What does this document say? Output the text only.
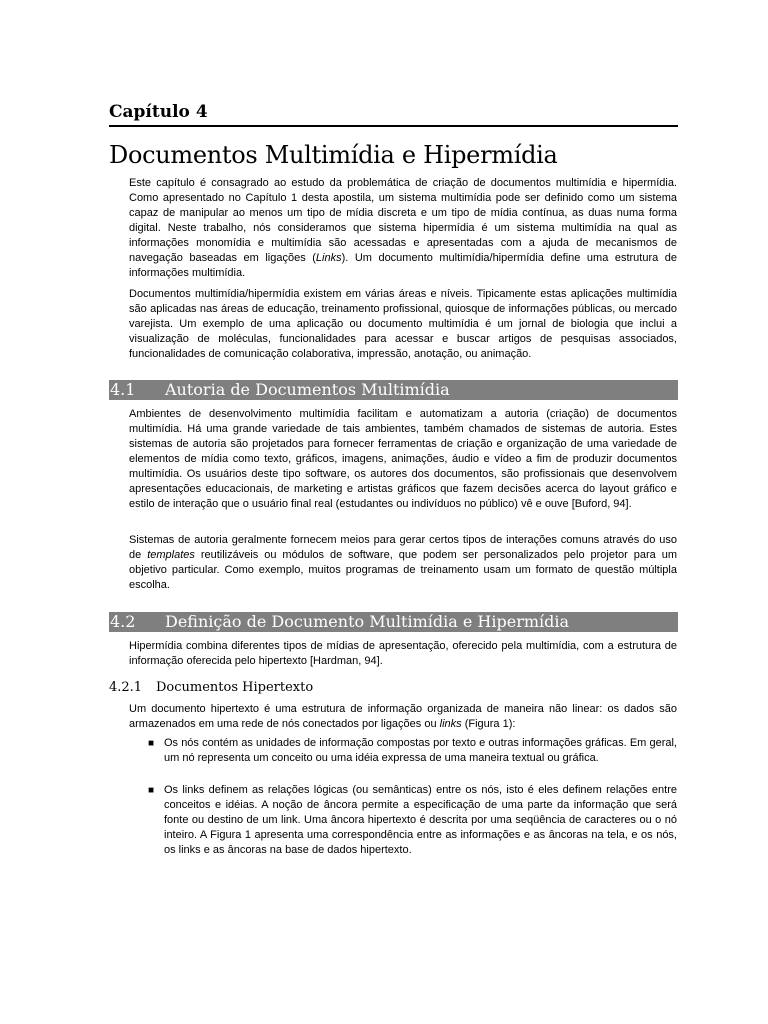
Capítulo 4
Documentos Multimídia e Hipermídia

Este capítulo é consagrado ao estudo da problemática de criação de documentos multimídia e hipermídia. Como apresentado no Capítulo 1 desta apostila, um sistema multimídia pode ser definido como um sistema capaz de manipular ao menos um tipo de mídia discreta e um tipo de mídia contínua, as duas numa forma digital. Neste trabalho, nós consideramos que sistema hipermídia é um sistema multimídia na qual as informações monomídia e multimídia são acessadas e apresentadas com a ajuda de mecanismos de navegação baseadas em ligações (Links). Um documento multimídia/hipermídia define uma estrutura de informações multimídia.

Documentos multimídia/hipermídia existem em várias áreas e níveis. Tipicamente estas aplicações multimídia são aplicadas nas áreas de educação, treinamento profissional, quiosque de informações públicas, ou mercado varejista. Um exemplo de uma aplicação ou documento multimídia é um jornal de biologia que inclui a visualização de moléculas, funcionalidades para acessar e buscar artigos de pesquisas associados, funcionalidades de comunicação colaborativa, impressão, anotação, ou animação.

4.1 Autoria de Documentos Multimídia

Ambientes de desenvolvimento multimídia facilitam e automatizam a autoria (criação) de documentos multimídia. Há uma grande variedade de tais ambientes, também chamados de sistemas de autoria. Estes sistemas de autoria são projetados para fornecer ferramentas de criação e organização de uma variedade de elementos de mídia como texto, gráficos, imagens, animações, áudio e vídeo a fim de produzir documentos multimídia. Os usuários deste tipo software, os autores dos documentos, são profissionais que desenvolvem apresentações educacionais, de marketing e artistas gráficos que fazem decisões acerca do layout gráfico e estilo de interação que o usuário final real (estudantes ou indivíduos no público) vê e ouve [Buford, 94].

Sistemas de autoria geralmente fornecem meios para gerar certos tipos de interações comuns através do uso de templates reutilizáveis ou módulos de software, que podem ser personalizados pelo projetor para um objetivo particular. Como exemplo, muitos programas de treinamento usam um formato de questão múltipla escolha.

4.2 Definição de Documento Multimídia e Hipermídia

Hipermídia combina diferentes tipos de mídias de apresentação, oferecido pela multimídia, com a estrutura de informação oferecida pelo hipertexto [Hardman, 94].

4.2.1 Documentos Hipertexto

Um documento hipertexto é uma estrutura de informação organizada de maneira não linear: os dados são armazenados em uma rede de nós conectados por ligações ou links (Figura 1):

■ Os nós contém as unidades de informação compostas por texto e outras informações gráficas. Em geral, um nó representa um conceito ou uma idéia expressa de uma maneira textual ou gráfica.

■ Os links definem as relações lógicas (ou semânticas) entre os nós, isto é eles definem relações entre conceitos e idéias. A noção de âncora permite a especificação de uma parte da informação que será fonte ou destino de um link. Uma âncora hipertexto é descrita por uma seqüência de caracteres ou o nó inteiro. A Figura 1 apresenta uma correspondência entre as informações e as âncoras na tela, e os nós, os links e as âncoras na base de dados hipertexto.
